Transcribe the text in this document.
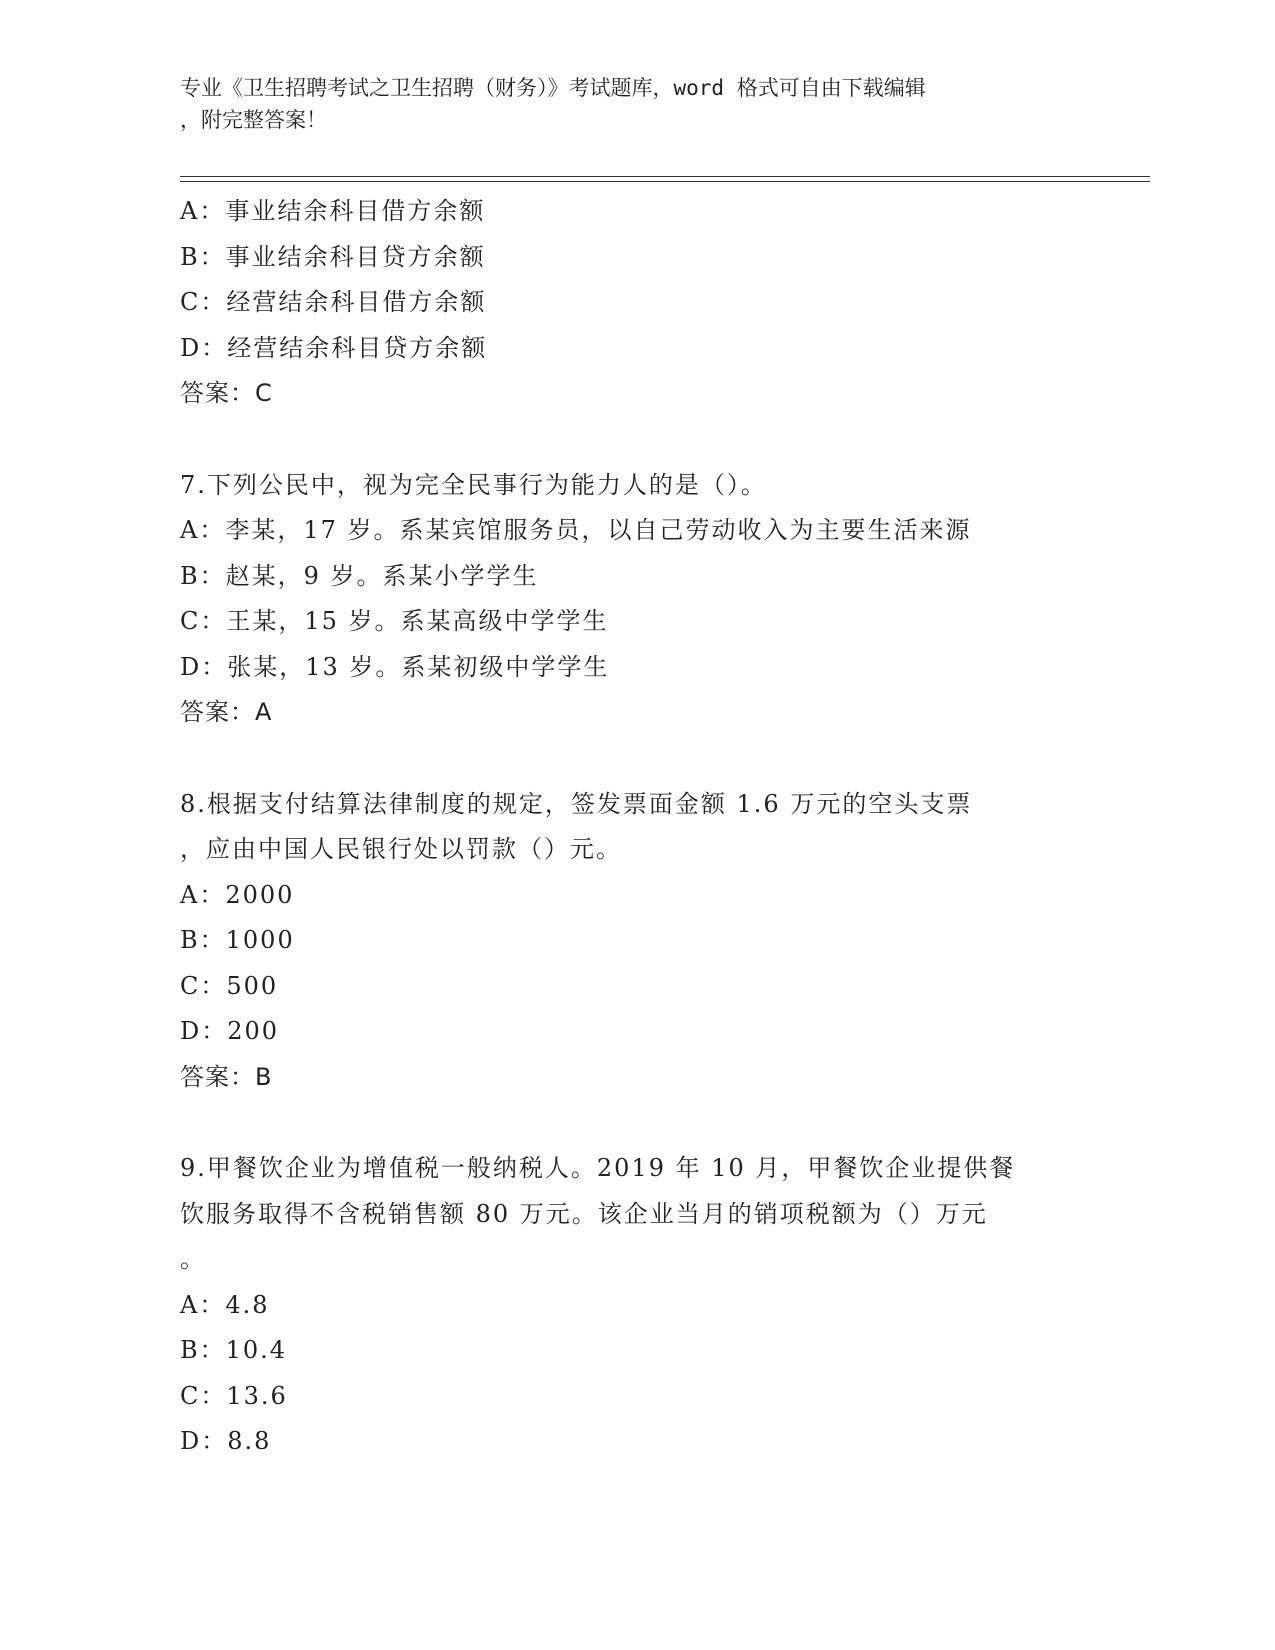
专业《卫生招聘考试之卫生招聘（财务）》考试题库，word 格式可自由下载编辑
，附完整答案！
A：事业结余科目借方余额
B：事业结余科目贷方余额
C：经营结余科目借方余额
D：经营结余科目贷方余额
答案：C
7.下列公民中，视为完全民事行为能力人的是（）。
A：李某，17 岁。系某宾馆服务员，以自己劳动收入为主要生活来源
B：赵某，9 岁。系某小学学生
C：王某，15 岁。系某高级中学学生
D：张某，13 岁。系某初级中学学生
答案：A
8.根据支付结算法律制度的规定，签发票面金额 1.6 万元的空头支票
，应由中国人民银行处以罚款（）元。
A：2000
B：1000
C：500
D：200
答案：B
9.甲餐饮企业为增值税一般纳税人。2019 年 10 月，甲餐饮企业提供餐
饮服务取得不含税销售额 80 万元。该企业当月的销项税额为（）万元
。
A：4.8
B：10.4
C：13.6
D：8.8
